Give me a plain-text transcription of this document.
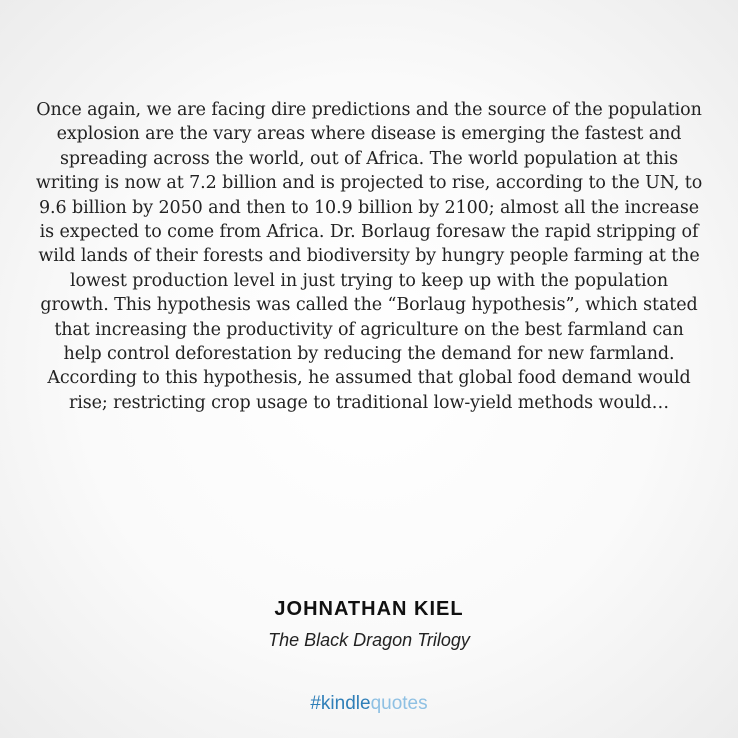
Once again, we are facing dire predictions and the source of the population explosion are the vary areas where disease is emerging the fastest and spreading across the world, out of Africa. The world population at this writing is now at 7.2 billion and is projected to rise, according to the UN, to 9.6 billion by 2050 and then to 10.9 billion by 2100; almost all the increase is expected to come from Africa. Dr. Borlaug foresaw the rapid stripping of wild lands of their forests and biodiversity by hungry people farming at the lowest production level in just trying to keep up with the population growth. This hypothesis was called the “Borlaug hypothesis”, which stated that increasing the productivity of agriculture on the best farmland can help control deforestation by reducing the demand for new farmland. According to this hypothesis, he assumed that global food demand would rise; restricting crop usage to traditional low-yield methods would…

JOHNATHAN KIEL
The Black Dragon Trilogy
#kindlequotes
